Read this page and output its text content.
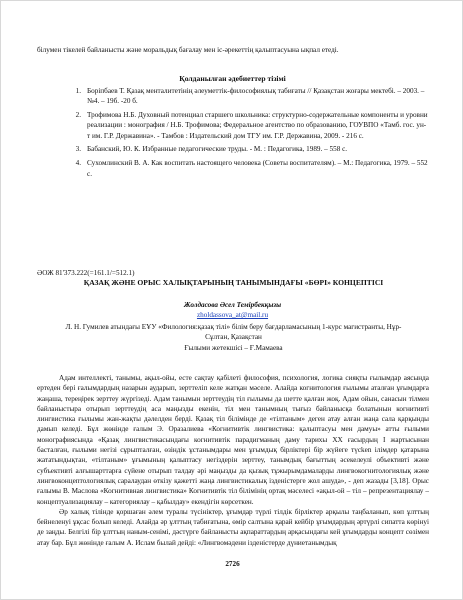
білумен тікелей байланысты және моральдық бағалау мен іс-әрекеттің қалыптасуына ықпал етеді.
Қолданылған әдебиеттер тізімі
1. Боріпбаев Т. Қазақ менталитетінің әлеуметтік-философиялық табиғаты // Қазақстан жоғары мектебі. – 2003. – №4. – 19б. -20 б.
2. Трофимова Н.Б. Духовный потенциал старшего школьника: структурно-содержательные компоненты и уровни реализации : монография / Н.Б. Трофимова; Федеральное агентство по образованию, ГОУВПО «Тамб. гос. ун-т им. Г.Р. Державина». - Тамбов : Издательский дом ТГУ им. Г.Р. Державина, 2009. - 216 с.
3. Бабанский, Ю. К. Избранные педагогические труды. - М. : Педагогика, 1989. – 558 с.
4. Сухомлинский В. А. Как воспитать настоящего человека (Советы воспитателям). – М.: Педагогика, 1979. – 552 с.
ӘОЖ 81'373.222(=161.1/=512.1)
ҚАЗАҚ ЖӘНЕ ОРЫС ХАЛЫҚТАРЫНЫҢ ТАНЫМЫНДАҒЫ «БӨРІ» КОНЦЕПТІСІ
Жолдасова Әсел Темірбекқызы
zholdassova_at@mail.ru
Л. Н. Гумилев атындағы ЕҰУ «Филология:қазақ тілі» білім беру бағдарламасының 1-курс магистранты, Нұр-Сұлтан, Қазақстан
Ғылыми жетекшісі – Ғ.Мамаева

Адам интеллекті, танымы, ақыл-ойы, есте сақтау қабілеті философия, психология, логика сияқты ғылымдар аясында ертеден бері ғалымдардың назарын аударып, зерттеліп келе жатқан мәселе. Алайда когнитология ғылымы аталған ұғымдарға жаңаша, тереңірек зерттеу жүргізеді. Адам танымын зерттеудің тіл ғылымы да шетте қалған жоқ. Адам ойын, санасын тілмен байланыстыра отырып зерттеудің аса маңызды екенін, тіл мен танымның тығыз байланысқа болатынын когнитивті лингвистика ғылымы жан-жақты дәлелден берді. Қазақ тіл білімінде де «тілтаным» деген атау алған жаңа сала қарқынды дамып келеді. Бұл жөнінде ғалым Э. Оразалиева «Когнитивтік лингвистика: қалыптасуы мен дамуы» атты ғылыми монографиясында «Қазақ лингвистикасындағы когнитивтік парадигманың даму тарихы XX ғасырдың I жартысынан басталған, ғылыми негізі сұрыпталған, өзіндік ұстанымдары мен ұғымдық бірліктері бір жүйеге түсken ілімдер қатарына жататындықтан, «тілтаным» ұғымының қалыптасу негіздерін зерттеу, танымдық бағыттың әсекелеулі объективті және субъективті алғышарттарға сүйене отырып талдау әрі маңызды да қызық тұжырымдамаларды лингвокогнитологиялық және лингвоконцептологиялық саралаудан өткізу қажетті жаңа лингвистикалық ізденістерге жол ашуда», - деп жазады [3,18]. Орыс ғалымы В. Маслова «Когнитивная лингвистика» Когнитивтік тіл білімінің ортақ мәселесі «ақыл-ой – тіл – репрезентациялау – концептуализациялау – категориялау – қабылдау» екендігін көрсеткен.

Әр халық тілінде қоршаған әлем туралы түсініктер, ұғымдар түрлі тілдік бірліктер арқылы таңбаланып, көп ұлттың бейнеленуі ұқсас болып келеді. Алайда әр ұлттың табиғатына, өмір салтына қарай кейбір ұғымдардың әртүрлі сипатта көрінуі де заңды. Белгілі бір ұлттың наным-сенімі, дәстүрге байланысты ақпараттардың арқасындағы кей ұғымдарды концепт сөзімен атау бар. Бұл жөнінде ғалым А. Ислам былай дейді: «Лингвомәдени ізденістерде дүниетанымдық

2726
